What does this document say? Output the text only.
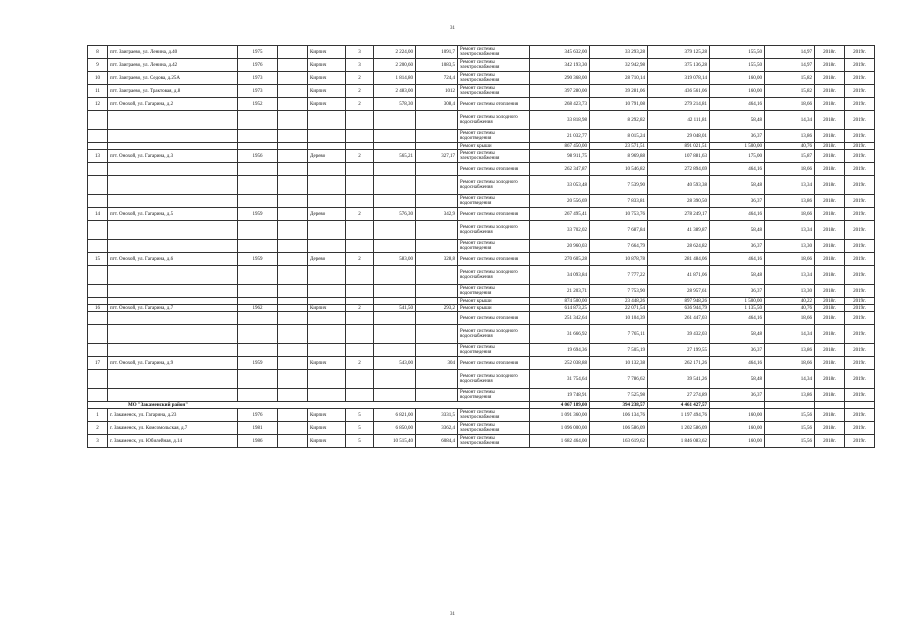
31
8	пгт. Заиграево, ул. Ленина, д.40	1975		Кирпич	3	2 224,00	1091,7	Ремонт системы электроснабжения	345 632,00	33 293,28	379 125,28	155,50	14,97	2018г.	2019г.
9	пгт. Заиграево, ул. Ленина, д.42	1976		Кирпич	3	2 200,60	1083,5	Ремонт системы электроснабжения	342 193,30	32 942,98	375 136,28	155,50	14,97	2018г.	2019г.
10	пгт. Заиграево, ул. Седова, д.25А	1973		Кирпич	2	1 814,80	724,4	Ремонт системы электроснабжения	290 368,00	28 710,14	319 078,14	160,00	15,82	2018г.	2019г.
11	пгт. Заиграево, ул. Трактовая, д.8	1973		Кирпич	2	2 483,00	1012	Ремонт системы электроснабжения	397 280,00	39 281,06	436 561,06	160,00	15,82	2018г.	2019г.
12	пгт. Онохой, ул. Гагарина, д.2	1952		Кирпич	2	578,30	308,4	Ремонт системы отопления	268 423,73	10 791,08	279 214,81	464,16	18,66	2018г.	2019г.
								Ремонт системы холодного водоснабжения	33 818,98	8 292,82	42 111,81	58,48	14,34	2018г.	2019г.
								Ремонт системы водоотведения	21 032,77	8 015,24	29 048,01	36,37	13,86	2018г.	2019г.
								Ремонт крыши	867 450,00	23 571,51	891 021,51	1 500,00	40,76	2018г.	2019г.
13	пгт. Онохой, ул. Гагарина, д.3	1956		Дерево	2	565,21	327,17	Ремонт системы электроснабжения	98 911,75	8 969,88	107 881,63	175,00	15,87	2018г.	2019г.
								Ремонт системы отопления	262 347,87	10 546,82	272 894,69	464,16	18,66	2018г.	2019г.
								Ремонт системы холодного водоснабжения	33 053,48	7 539,90	40 593,38	58,48	13,34	2018г.	2019г.
								Ремонт системы водоотведения	20 556,69	7 833,81	28 390,50	36,37	13,86	2018г.	2019г.
14	пгт. Онохой, ул. Гагарина, д.5	1959		Дерево	2	576,30	342,9	Ремонт системы отопления	267 495,41	10 753,76	278 249,17	464,16	18,66	2018г.	2019г.
								Ремонт системы холодного водоснабжения	33 702,02	7 687,84	41 389,87	58,48	13,34	2018г.	2019г.
								Ремонт системы водоотведения	20 960,03	7 664,79	28 624,82	36,37	13,30	2018г.	2019г.
15	пгт. Онохой, ул. Гагарина, д.6	1959		Дерево	2	583,00	328,8	Ремонт системы отопления	270 605,28	10 878,78	281 484,06	464,16	18,66	2018г.	2019г.
								Ремонт системы холодного водоснабжения	34 093,84	7 777,22	41 871,06	58,48	13,34	2018г.	2019г.
								Ремонт системы водоотведения	21 203,71	7 753,90	28 957,61	36,37	13,30	2018г.	2019г.
								Ремонт крыши	874 500,00	23 448,26	897 948,26	1 500,00	40,22	2018г.	2019г.
16	пгт. Онохой, ул. Гагарина, д.7	1962		Кирпич	2	541,50	293,2	Ремонт крыши	614 873,25	22 071,54	636 944,79	1 135,50	40,76	2018г.	2019г.
								Ремонт системы отопления	251 342,64	10 104,39	261 447,03	464,16	18,66	2018г.	2019г.
								Ремонт системы холодного водоснабжения	31 666,92	7 765,11	39 432,03	58,48	14,34	2018г.	2019г.
								Ремонт системы водоотведения	19 694,36	7 505,19	27 199,55	36,37	13,86	2018г.	2019г.
17	пгт. Онохой, ул. Гагарина, д.9	1959		Кирпич	2	543,00	304	Ремонт системы отопления	252 038,88	10 132,38	262 171,26	464,16	18,66	2018г.	2019г.
								Ремонт системы холодного водоснабжения	31 754,64	7 786,62	39 541,26	58,48	14,34	2018г.	2019г.
								Ремонт системы водоотведения	19 748,91	7 525,98	27 274,89	36,37	13,86	2018г.	2019г.
МО "Закаменский район"									4 067 189,00	394 238,57	4 461 427,57				
1	г. Закаменск, ул. Гагарина, д.23	1976		Кирпич	5	6 821,00	3331,5	Ремонт системы электроснабжения	1 091 360,00	106 134,76	1 197 494,76	160,00	15,56	2018г.	2019г.
2	г. Закаменск, ул. Комсомольская, д.7	1981		Кирпич	5	6 850,00	3362,4	Ремонт системы электроснабжения	1 096 000,00	106 586,09	1 202 586,09	160,00	15,56	2018г.	2019г.
3	г. Закаменск, ул. Юбилейная, д.14	1986		Кирпич	5	10 515,40	6084,4	Ремонт системы электроснабжения	1 682 464,00	163 619,62	1 846 083,62	160,00	15,56	2018г.	2019г.
31
